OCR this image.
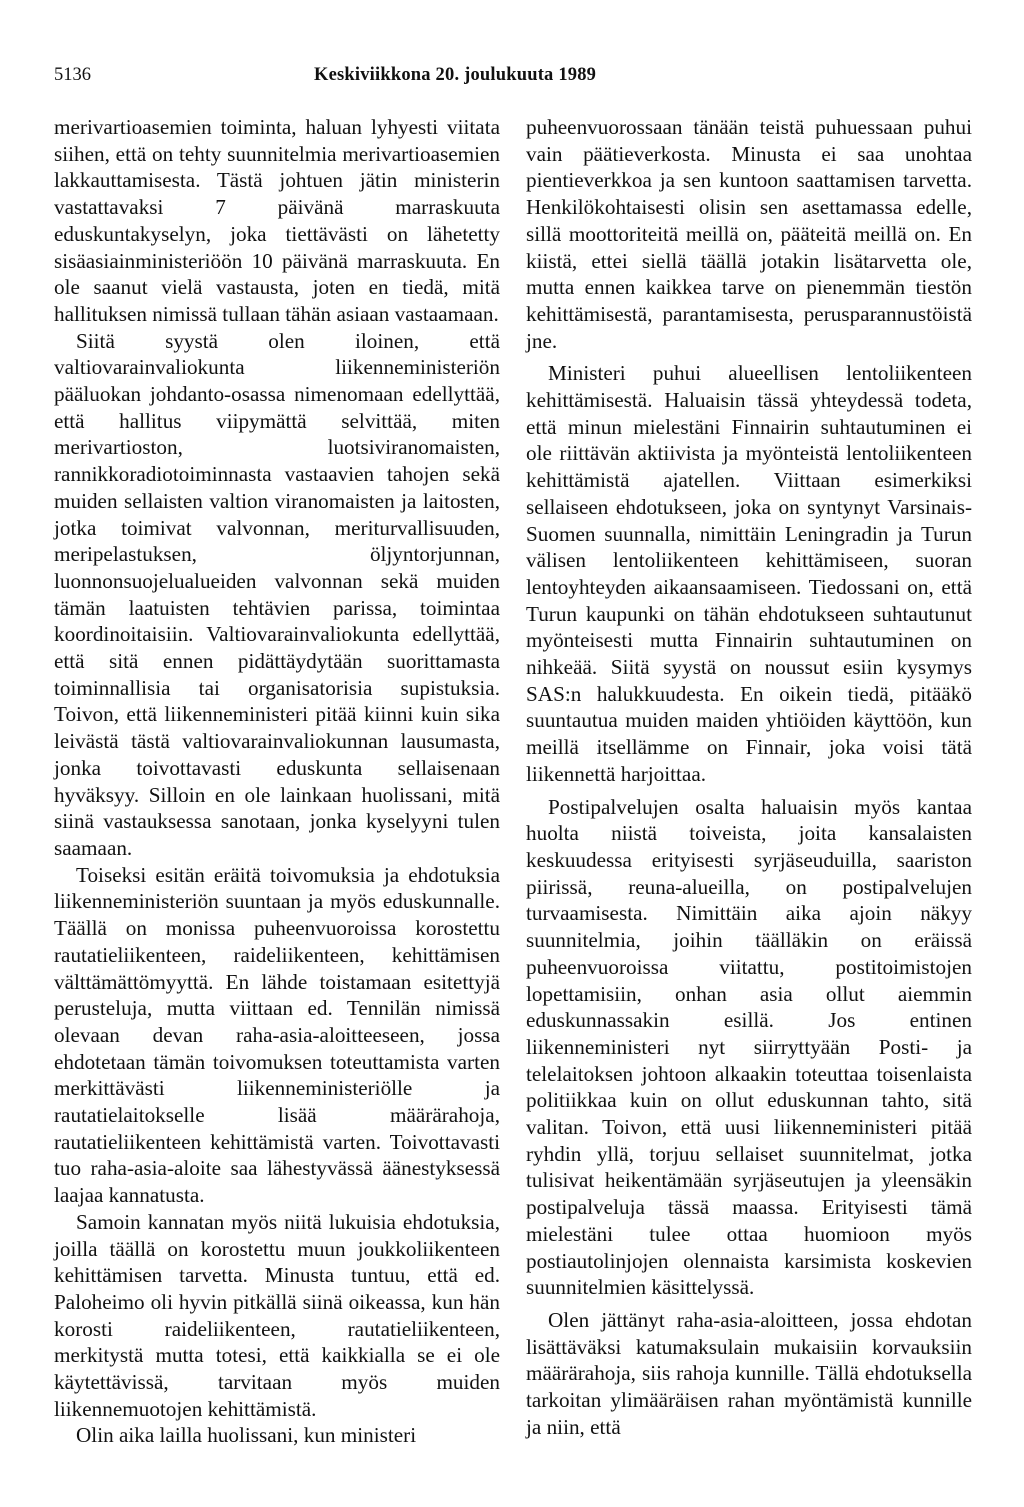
5136	Keskiviikkona 20. joulukuuta 1989

merivartioasemien toiminta, haluan lyhyesti viitata siihen, että on tehty suunnitelmia merivartioasemien lakkauttamisesta. Tästä johtuen jätin ministerin vastattavaksi 7 päivänä marraskuuta eduskuntakyselyn, joka tiettävästi on lähetetty sisäasiainministeriöön 10 päivänä marraskuuta. En ole saanut vielä vastausta, joten en tiedä, mitä hallituksen nimissä tullaan tähän asiaan vastaamaan.

Siitä syystä olen iloinen, että valtiovarainvaliokunta liikenneministeriön pääluokan johdanto-osassa nimenomaan edellyttää, että hallitus viipymättä selvittää, miten merivartioston, luotsiviranomaisten, rannikkoradiotoiminnasta vastaavien tahojen sekä muiden sellaisten valtion viranomaisten ja laitosten, jotka toimivat valvonnan, meriturvallisuuden, meripelastuksen, öljyntorjunnan, luonnonsuojelualueiden valvonnan sekä muiden tämän laatuisten tehtävien parissa, toimintaa koordinoitaisiin. Valtiovarainvaliokunta edellyttää, että sitä ennen pidättäydytään suorittamasta toiminnallisia tai organisatorisia supistuksia. Toivon, että liikenneministeri pitää kiinni kuin sika leivästä tästä valtiovarainvaliokunnan lausumasta, jonka toivottavasti eduskunta sellaisenaan hyväksyy. Silloin en ole lainkaan huolissani, mitä siinä vastauksessa sanotaan, jonka kyselyyni tulen saamaan.

Toiseksi esitän eräitä toivomuksia ja ehdotuksia liikenneministeriön suuntaan ja myös eduskunnalle. Täällä on monissa puheenvuoroissa korostettu rautatieliikenteen, raideliikenteen, kehittämisen välttämättömyyttä. En lähde toistamaan esitettyjä perusteluja, mutta viittaan ed. Tennilän nimissä olevaan devan raha-asia-aloitteeseen, jossa ehdotetaan tämän toivomuksen toteuttamista varten merkittävästi liikenneministeriölle ja rautatielaitokselle lisää määrärahoja, rautatieliikenteen kehittämistä varten. Toivottavasti tuo raha-asia-aloite saa lähestyvässä äänestyksessä laajaa kannatusta.

Samoin kannatan myös niitä lukuisia ehdotuksia, joilla täällä on korostettu muun joukkoliikenteen kehittämisen tarvetta. Minusta tuntuu, että ed. Paloheimo oli hyvin pitkällä siinä oikeassa, kun hän korosti raideliikenteen, rautatieliikenteen, merkitystä mutta totesi, että kaikkialla se ei ole käytettävissä, tarvitaan myös muiden liikennemuotojen kehittämistä.

Olin aika lailla huolissani, kun ministeri

puheenvuorossaan tänään teistä puhuessaan puhui vain päätieverkosta. Minusta ei saa unohtaa pientieverkkoa ja sen kuntoon saattamisen tarvetta. Henkilökohtaisesti olisin sen asettamassa edelle, sillä moottoriteitä meillä on, pääteitä meillä on. En kiistä, ettei siellä täällä jotakin lisätarvetta ole, mutta ennen kaikkea tarve on pienemmän tiestön kehittämisestä, parantamisesta, perusparannustöistä jne.

Ministeri puhui alueellisen lentoliikenteen kehittämisestä. Haluaisin tässä yhteydessä todeta, että minun mielestäni Finnairin suhtautuminen ei ole riittävän aktiivista ja myönteistä lentoliikenteen kehittämistä ajatellen. Viittaan esimerkiksi sellaiseen ehdotukseen, joka on syntynyt Varsinais-Suomen suunnalla, nimittäin Leningradin ja Turun välisen lentoliikenteen kehittämiseen, suoran lentoyhteyden aikaansaamiseen. Tiedossani on, että Turun kaupunki on tähän ehdotukseen suhtautunut myönteisesti mutta Finnairin suhtautuminen on nihkeää. Siitä syystä on noussut esiin kysymys SAS:n halukkuudesta. En oikein tiedä, pitääkö suuntautua muiden maiden yhtiöiden käyttöön, kun meillä itsellämme on Finnair, joka voisi tätä liikennettä harjoittaa.

Postipalvelujen osalta haluaisin myös kantaa huolta niistä toiveista, joita kansalaisten keskuudessa erityisesti syrjäseuduilla, saariston piirissä, reuna-alueilla, on postipalvelujen turvaamisesta. Nimittäin aika ajoin näkyy suunnitelmia, joihin täälläkin on eräissä puheenvuoroissa viitattu, postitoimistojen lopettamisiin, onhan asia ollut aiemmin eduskunnassakin esillä. Jos entinen liikenneministeri nyt siirryttyään Posti- ja telelaitoksen johtoon alkaakin toteuttaa toisenlaista politiikkaa kuin on ollut eduskunnan tahto, sitä valitan. Toivon, että uusi liikenneministeri pitää ryhdin yllä, torjuu sellaiset suunnitelmat, jotka tulisivat heikentämään syrjäseutujen ja yleensäkin postipalveluja tässä maassa. Erityisesti tämä mielestäni tulee ottaa huomioon myös postiautolinjojen olennaista karsimista koskevien suunnitelmien käsittelyssä.

Olen jättänyt raha-asia-aloitteen, jossa ehdotan lisättäväksi katumaksulain mukaisiin korvauksiin määrärahoja, siis rahoja kunnille. Tällä ehdotuksella tarkoitan ylimääräisen rahan myöntämistä kunnille ja niin, että
